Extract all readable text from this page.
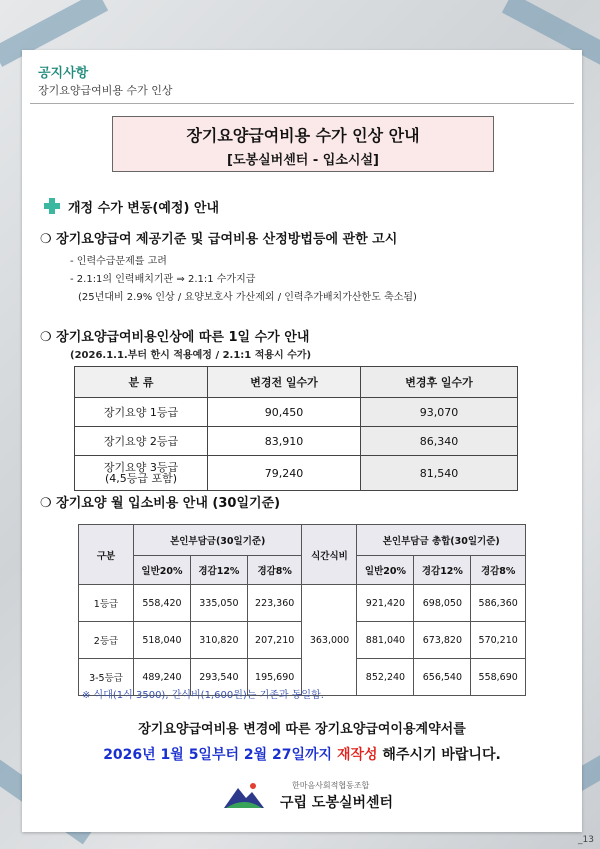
공지사항
장기요양급여비용 수가 인상
장기요양급여비용 수가 인상 안내
[도봉실버센터 - 입소시설]
개정 수가 변동(예정) 안내
❍ 장기요양급여 제공기준 및 급여비용 산정방법등에 관한 고시
- 인력수급문제를 고려
- 2.1:1의 인력배치기관 ⇒ 2.1:1 수가지급
(25년대비 2.9% 인상 / 요양보호사 가산제외 / 인력추가배치가산한도 축소됨)
❍ 장기요양급여비용인상에 따른 1일 수가 안내
(2026.1.1.부터 한시 적용예정 / 2.1:1 적용시 수가)
분 류	변경전 일수가	변경후 일수가
장기요양 1등급	90,450	93,070
장기요양 2등급	83,910	86,340
장기요양 3등급
(4,5등급 포함)	79,240	81,540
❍ 장기요양 월 입소비용 안내 (30일기준)
구분	본인부담금(30일기준)			식간식비	본인부담금 총합(30일기준)		
	일반20%	경감12%	경감8%		일반20%	경감12%	경감8%
1등급	558,420	335,050	223,360	363,000	921,420	698,050	586,360
2등급	518,040	310,820	207,210		881,040	673,820	570,210
3-5등급	489,240	293,540	195,690		852,240	656,540	558,690
※ 식대(1식 3500), 간식비(1,600원)는 기존과 동일함.
장기요양급여비용 변경에 따른 장기요양급여이용계약서를
2026년 1월 5일부터 2월 27일까지 재작성 해주시기 바랍니다.
한마음사회적협동조합
구립 도봉실버센터
_13
